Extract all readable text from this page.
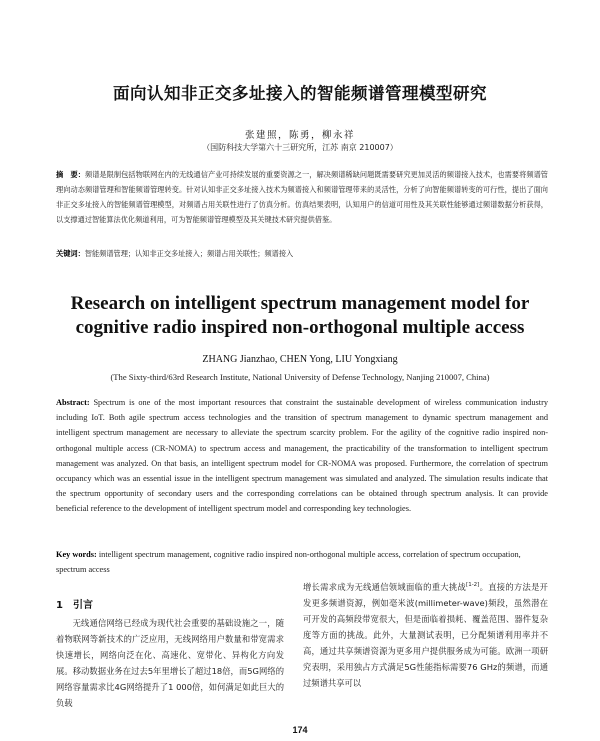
面向认知非正交多址接入的智能频谱管理模型研究
张建照，陈勇，柳永祥
（国防科技大学第六十三研究所，江苏 南京 210007）
摘　要：频谱是限制包括物联网在内的无线通信产业可持续发展的重要资源之一，解决频谱稀缺问题既需要研究更加灵活的频谱接入技术，也需要将频谱管理向动态频谱管理和智能频谱管理转变。针对认知非正交多址接入技术为频谱接入和频谱管理带来的灵活性，分析了向智能频谱转变的可行性，提出了面向非正交多址接入的智能频谱管理模型，对频谱占用关联性进行了仿真分析。仿真结果表明，认知用户的信道可用性及其关联性能够通过频谱数据分析获得，以支撑通过智能算法优化频道利用，可为智能频谱管理模型及其关键技术研究提供借鉴。
关键词：智能频谱管理；认知非正交多址接入；频谱占用关联性；频谱接入
Research on intelligent spectrum management model for
cognitive radio inspired non-orthogonal multiple access
ZHANG Jianzhao, CHEN Yong, LIU Yongxiang
(The Sixty-third/63rd Research Institute, National University of Defense Technology, Nanjing 210007, China)
Abstract: Spectrum is one of the most important resources that constraint the sustainable development of wireless communication industry including IoT. Both agile spectrum access technologies and the transition of spectrum management to dynamic spectrum management and intelligent spectrum management are necessary to alleviate the spectrum scarcity problem. For the agility of the cognitive radio inspired non-orthogonal multiple access (CR-NOMA) to spectrum access and management, the practicability of the transformation to intelligent spectrum management was analyzed. On that basis, an intelligent spectrum model for CR-NOMA was proposed. Furthermore, the correlation of spectrum occupancy which was an essential issue in the intelligent spectrum management was simulated and analyzed. The simulation results indicate that the spectrum opportunity of secondary users and the corresponding correlations can be obtained through spectrum analysis. It can provide beneficial reference to the development of intelligent spectrum model and corresponding key technologies.
Key words: intelligent spectrum management, cognitive radio inspired non-orthogonal multiple access, correlation of spectrum occupation, spectrum access
1 引言

无线通信网络已经成为现代社会重要的基础设施之一，随着物联网等新技术的广泛应用，无线网络用户数量和带宽需求快速增长，网络向泛在化、高速化、宽带化、异构化方向发展。移动数据业务在过去5年里增长了超过18倍，而5G网络的网络容量需求比4G网络提升了1 000倍，如何满足如此巨大的负载

增长需求成为无线通信领域面临的重大挑战[1-2]。直接的方法是开发更多频谱资源，例如毫米波(millimeter-wave)频段，虽然潜在可开发的高频段带宽很大，但是面临着损耗、覆盖范围、器件复杂度等方面的挑战。此外，大量测试表明，已分配频谱利用率并不高，通过共享频谱资源为更多用户提供服务成为可能。欧洲一项研究表明，采用独占方式满足5G性能指标需要76 GHz的频谱，而通过频谱共享可以

174
